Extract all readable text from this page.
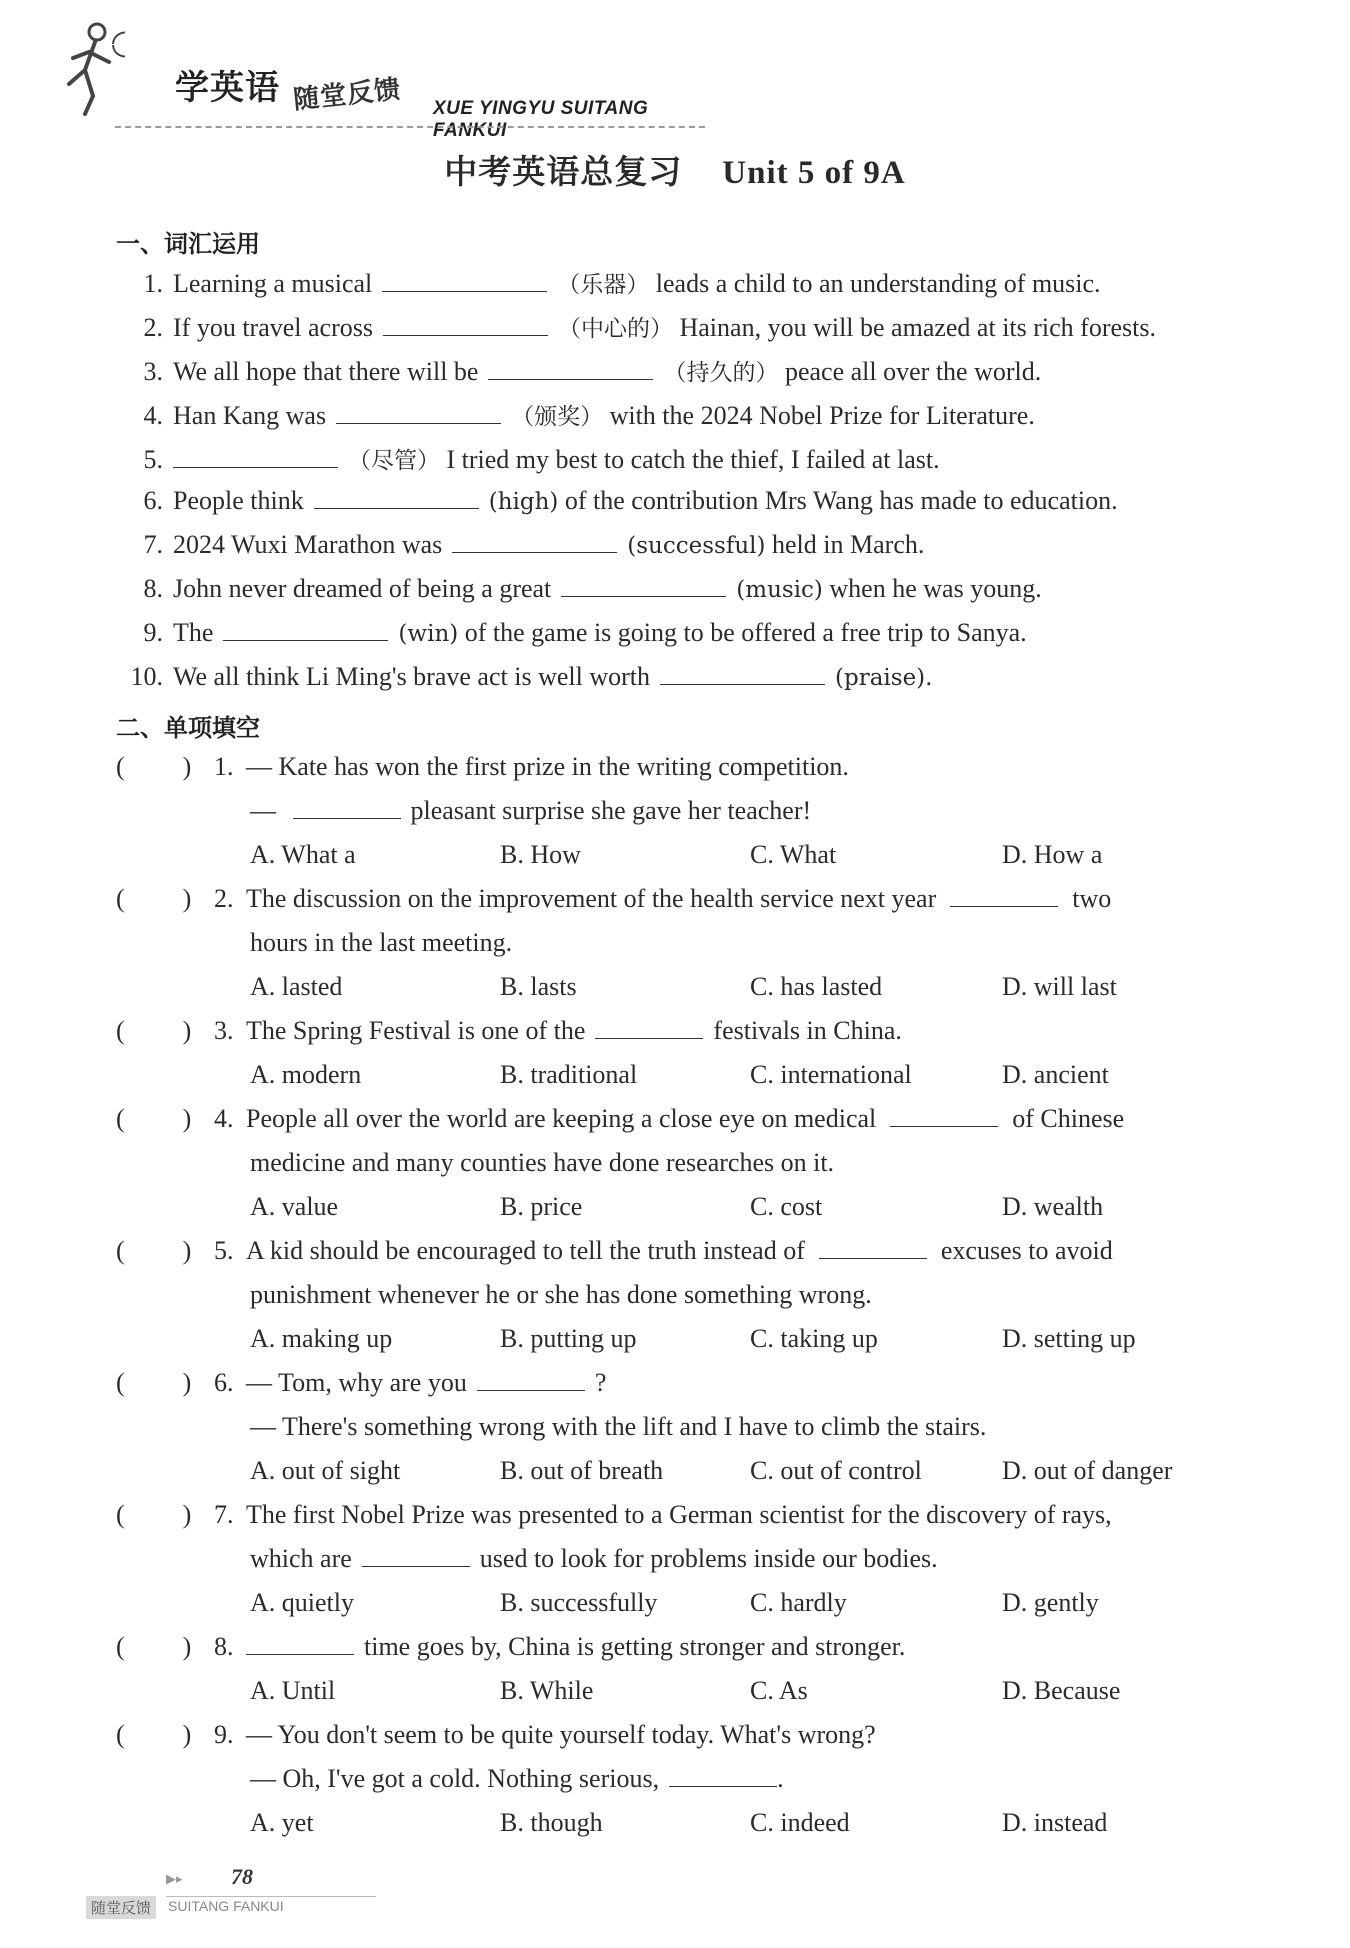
学英语 随堂反馈 XUE YINGYU SUITANG FANKUI
中考英语总复习 Unit 5 of 9A
一、词汇运用
1. Learning a musical	（乐器） leads a child to an understanding of music.
2. If you travel across	（中心的） Hainan, you will be amazed at its rich forests.
3. We all hope that there will be	（持久的） peace all over the world.
4. Han Kang was	（颁奖） with the 2024 Nobel Prize for Literature.
5.	（尽管） I tried my best to catch the thief, I failed at last.
6. People think	(high) of the contribution Mrs Wang has made to education.
7. 2024 Wuxi Marathon was	(successful) held in March.
8. John never dreamed of being a great	(music) when he was young.
9. The	(win) of the game is going to be offered a free trip to Sanya.
10. We all think Li Ming's brave act is well worth	(praise).
二、单项填空
( ) 1. — Kate has won the first prize in the writing competition.
—	pleasant surprise she gave her teacher!
A. What a	B. How	C. What	D. How a
( ) 2. The discussion on the improvement of the health service next year	two
hours in the last meeting.
A. lasted	B. lasts	C. has lasted	D. will last
( ) 3. The Spring Festival is one of the	festivals in China.
A. modern	B. traditional	C. international	D. ancient
( ) 4. People all over the world are keeping a close eye on medical	of Chinese
medicine and many counties have done researches on it.
A. value	B. price	C. cost	D. wealth
( ) 5. A kid should be encouraged to tell the truth instead of	excuses to avoid
punishment whenever he or she has done something wrong.
A. making up	B. putting up	C. taking up	D. setting up
( ) 6. — Tom, why are you	?
— There's something wrong with the lift and I have to climb the stairs.
A. out of sight	B. out of breath	C. out of control	D. out of danger
( ) 7. The first Nobel Prize was presented to a German scientist for the discovery of rays,
which are	used to look for problems inside our bodies.
A. quietly	B. successfully	C. hardly	D. gently
( ) 8.	time goes by, China is getting stronger and stronger.
A. Until	B. While	C. As	D. Because
( ) 9. — You don't seem to be quite yourself today. What's wrong?
— Oh, I've got a cold. Nothing serious,	.
A. yet	B. though	C. indeed	D. instead
▶▸ 78
随堂反馈	SUITANG FANKUI
